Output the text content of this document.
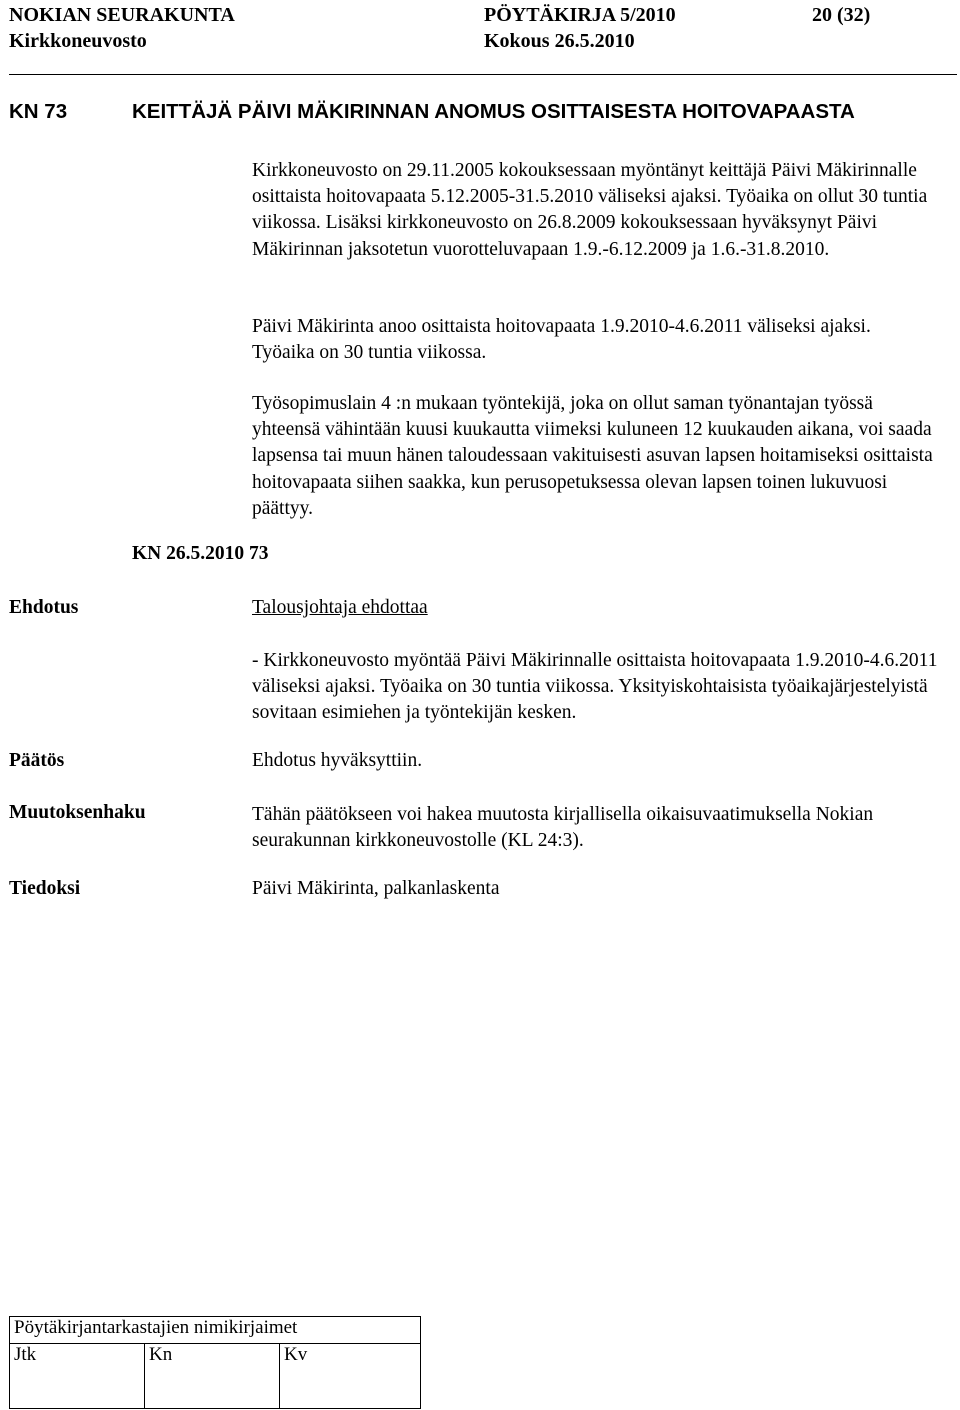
NOKIAN SEURAKUNTA	PÖYTÄKIRJA 5/2010	20 (32)
Kirkkoneuvosto	Kokous 26.5.2010
KN 73	KEITTÄJÄ PÄIVI MÄKIRINNAN ANOMUS OSITTAISESTA HOITOVAPAASTA
Kirkkoneuvosto on 29.11.2005 kokouksessaan myöntänyt keittäjä Päivi Mäkirinnalle osittaista hoitovapaata 5.12.2005-31.5.2010 väliseksi ajaksi. Työaika on ollut 30 tuntia viikossa. Lisäksi kirkkoneuvosto on 26.8.2009 kokouksessaan hyväksynyt Päivi Mäkirinnan jaksotetun vuorotteluvapaan 1.9.-6.12.2009 ja 1.6.-31.8.2010.
Päivi Mäkirinta anoo osittaista hoitovapaata 1.9.2010-4.6.2011 väliseksi ajaksi. Työaika on 30 tuntia viikossa.
Työsopimuslain 4 :n mukaan työntekijä, joka on ollut saman työnantajan työssä yhteensä vähintään kuusi kuukautta viimeksi kuluneen 12 kuukauden aikana, voi saada lapsensa tai muun hänen taloudessaan vakituisesti asuvan lapsen hoitamiseksi osittaista hoitovapaata siihen saakka, kun perusopetuksessa olevan lapsen toinen lukuvuosi päättyy.
KN 26.5.2010 73
Ehdotus	Talousjohtaja ehdottaa
- Kirkkoneuvosto myöntää Päivi Mäkirinnalle osittaista hoitovapaata 1.9.2010-4.6.2011 väliseksi ajaksi. Työaika on 30 tuntia viikossa. Yksityiskohtaisista työaikajärjestelyistä sovitaan esimiehen ja työntekijän kesken.
Päätös	Ehdotus hyväksyttiin.
Muutoksenhaku	Tähän päätökseen voi hakea muutosta kirjallisella oikaisuvaatimuksella Nokian seurakunnan kirkkoneuvostolle (KL 24:3).
Tiedoksi	Päivi Mäkirinta, palkanlaskenta
Pöytäkirjantarkastajien nimikirjaimet
Jtk	Kn	Kv
